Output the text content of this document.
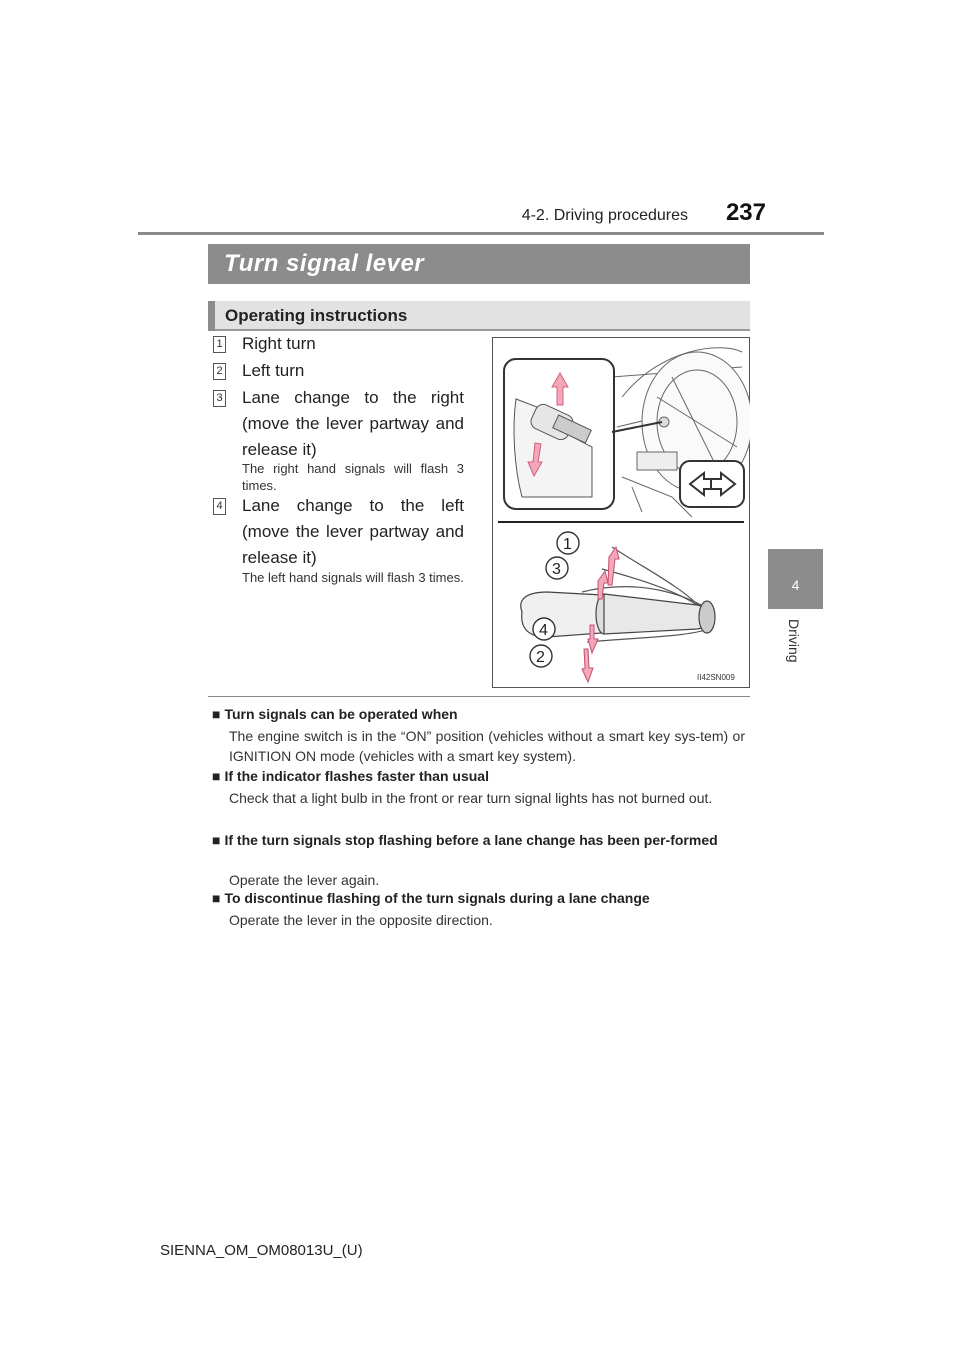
4-2. Driving procedures	237
4
Driving
Turn signal lever
Operating instructions
1 Right turn
2 Left turn
3 Lane change to the right (move the lever partway and release it)
The right hand signals will flash 3 times.
4 Lane change to the left (move the lever partway and release it)
The left hand signals will flash 3 times.
1
3
4
2
II42SN009
■ Turn signals can be operated when
The engine switch is in the “ON” position (vehicles without a smart key sys-tem) or IGNITION ON mode (vehicles with a smart key system).
■ If the indicator flashes faster than usual
Check that a light bulb in the front or rear turn signal lights has not burned out.
■ If the turn signals stop flashing before a lane change has been per-formed
Operate the lever again.
■ To discontinue flashing of the turn signals during a lane change
Operate the lever in the opposite direction.
SIENNA_OM_OM08013U_(U)
